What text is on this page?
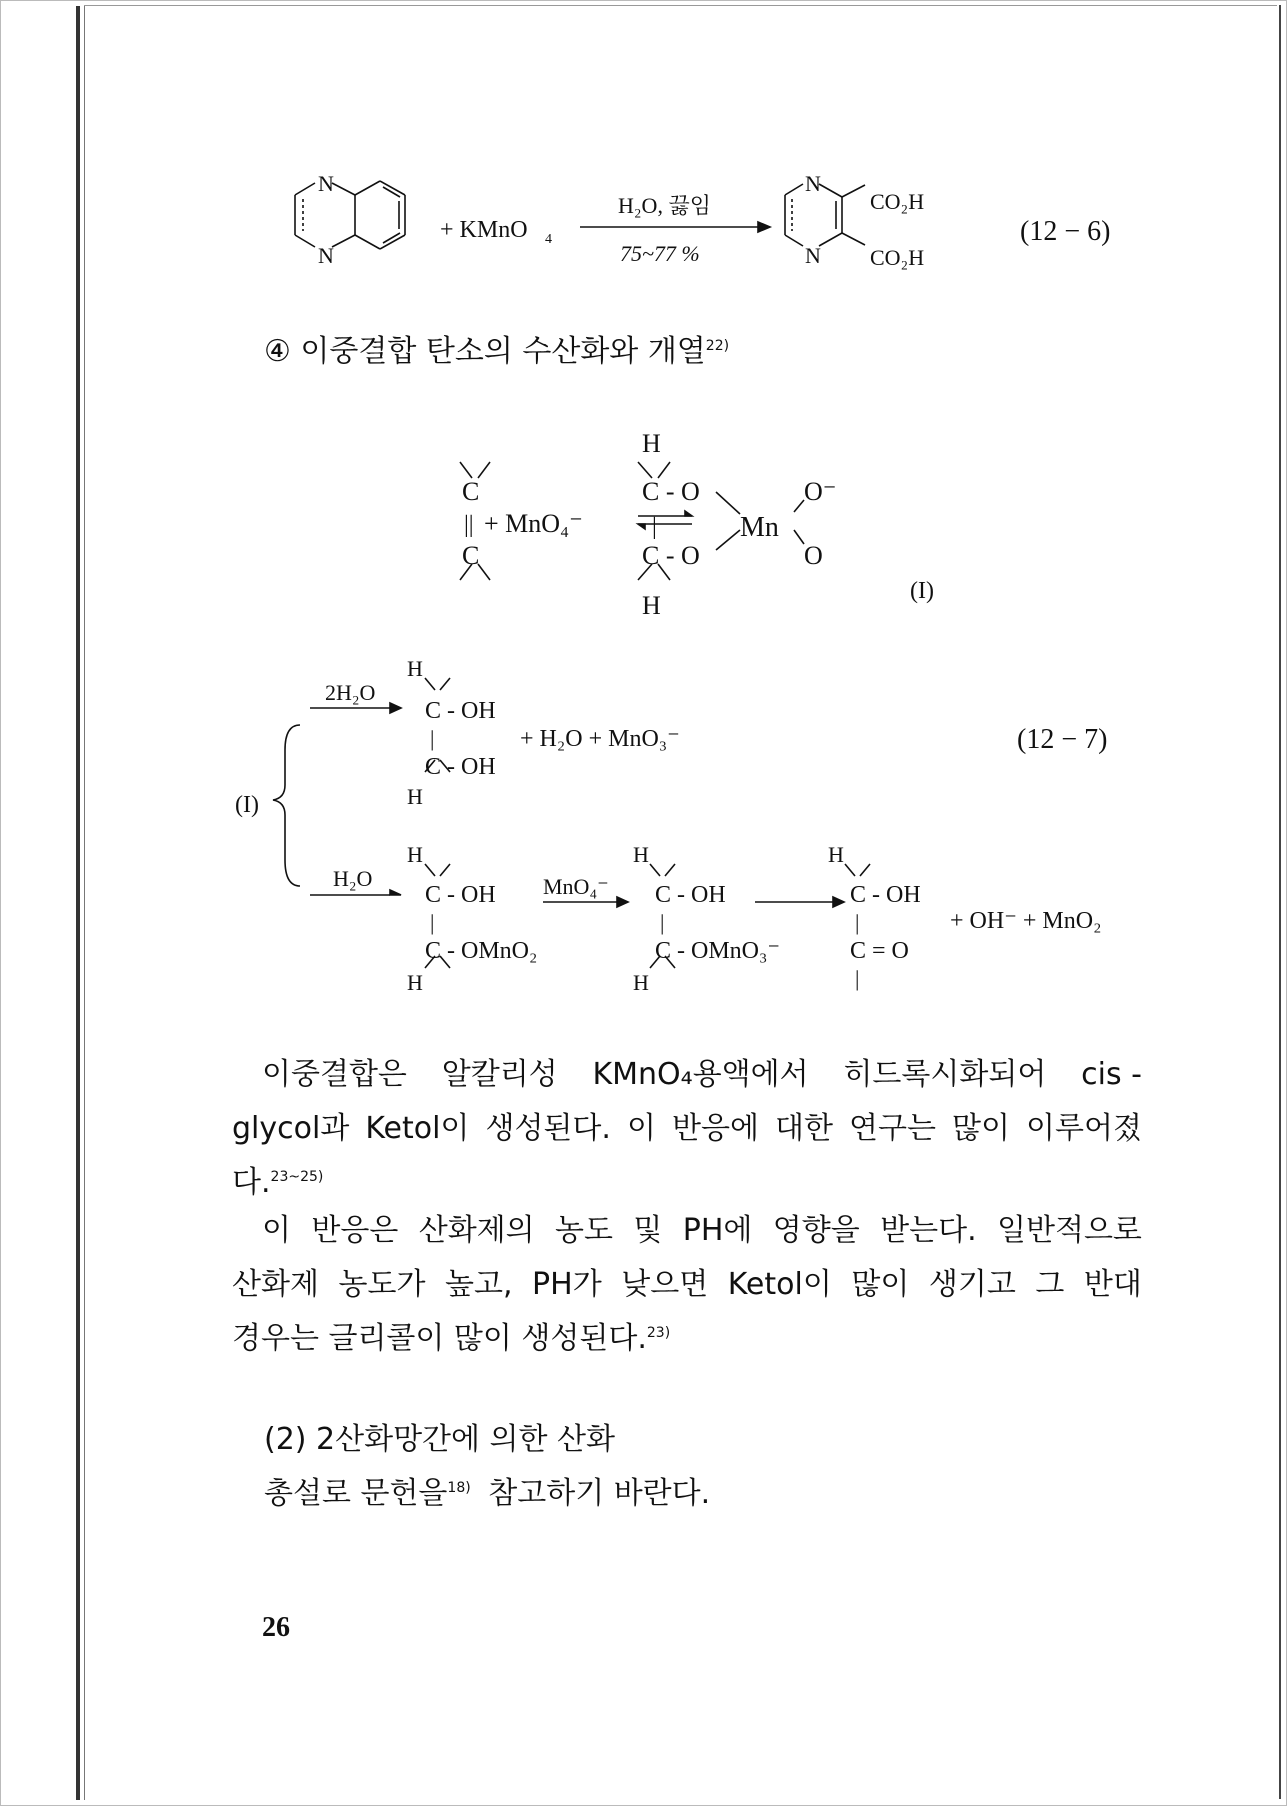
N
N
+ KMnO 4
H₂O, 끓임
75~77 %
N
N
CO₂H
CO₂H
(12 − 6)
④ 이중결합 탄소의 수산화와 개열$^{22)}$
C
|| + MnO₄⁻
C
H
C - O
|
C - O
H
Mn
O⁻
O
(I)
(I)
2H₂O
H
C - OH
|
C - OH
H
+ H₂O + MnO₃⁻	(12 − 7)
H₂O
H
C - OH
|
C - OMnO₂
H
MnO₄⁻
H
C - OH
|
C - OMnO₃⁻
H
H
C - OH
|
C = O
|
+ OH⁻ + MnO₂
이중결합은 알칼리성 KMnO₄용액에서 히드록시화되어 cis -
glycol과 Ketol이 생성된다. 이 반응에 대한 연구는 많이 이루어졌
다.$^{23\sim 25)}$
이 반응은 산화제의 농도 및 PH에 영향을 받는다. 일반적으로
산화제 농도가 높고, PH가 낮으면 Ketol이 많이 생기고 그 반대
경우는 글리콜이 많이 생성된다.$^{23)}$
(2) 2산화망간에 의한 산화
총설로 문헌을$^{18)}$ 참고하기 바란다.
26
